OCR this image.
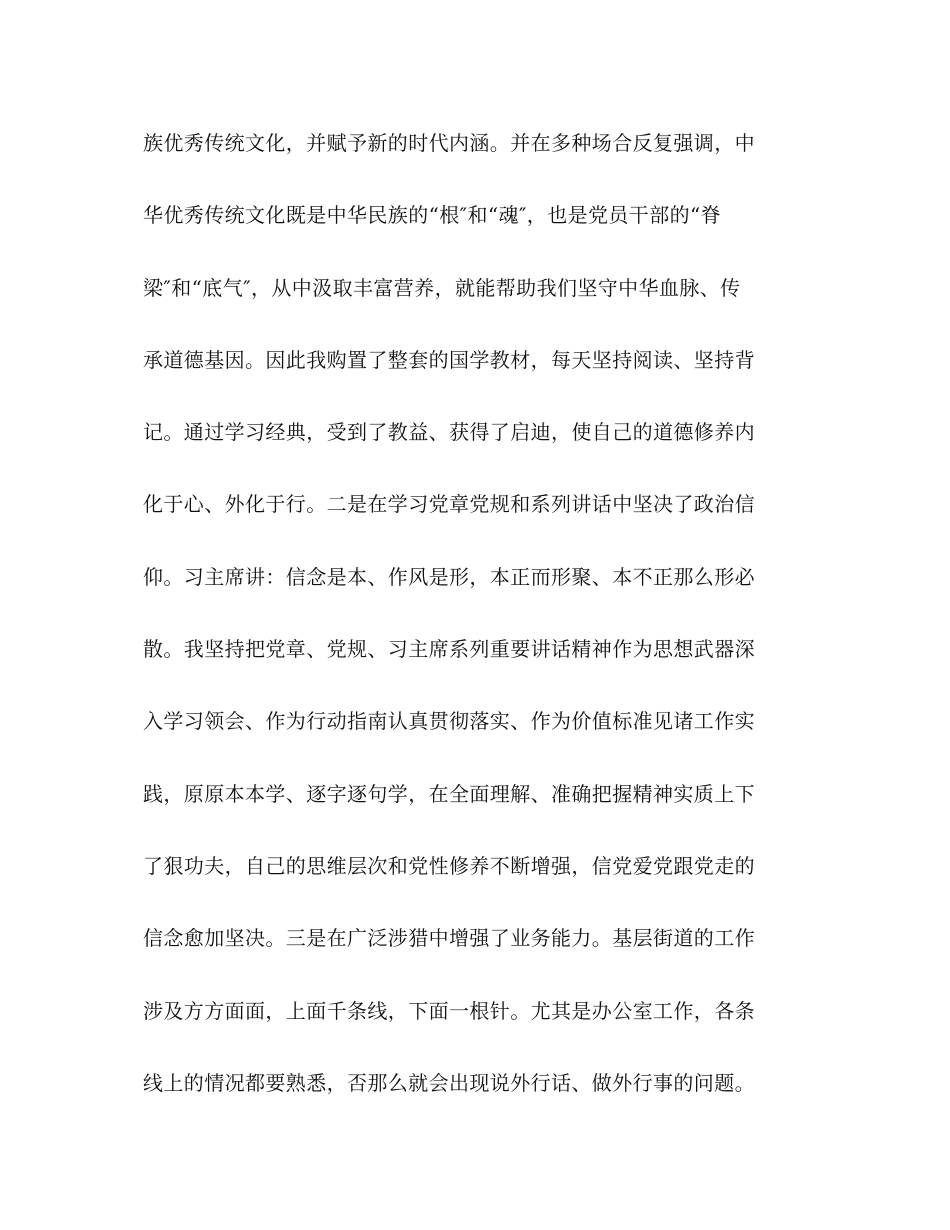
族优秀传统文化，并赋予新的时代内涵。并在多种场合反复强调，中
华优秀传统文化既是中华民族的“根″和“魂″，也是党员干部的“脊
梁″和“底气″，从中汲取丰富营养，就能帮助我们坚守中华血脉、传
承道德基因。因此我购置了整套的国学教材，每天坚持阅读、坚持背
记。通过学习经典，受到了教益、获得了启迪，使自己的道德修养内
化于心、外化于行。二是在学习党章党规和系列讲话中坚决了政治信
仰。习主席讲：信念是本、作风是形，本正而形聚、本不正那么形必
散。我坚持把党章、党规、习主席系列重要讲话精神作为思想武器深
入学习领会、作为行动指南认真贯彻落实、作为价值标准见诸工作实
践，原原本本学、逐字逐句学，在全面理解、准确把握精神实质上下
了狠功夫，自己的思维层次和党性修养不断增强，信党爱党跟党走的
信念愈加坚决。三是在广泛涉猎中增强了业务能力。基层街道的工作
涉及方方面面，上面千条线，下面一根针。尤其是办公室工作，各条
线上的情况都要熟悉，否那么就会出现说外行话、做外行事的问题。
